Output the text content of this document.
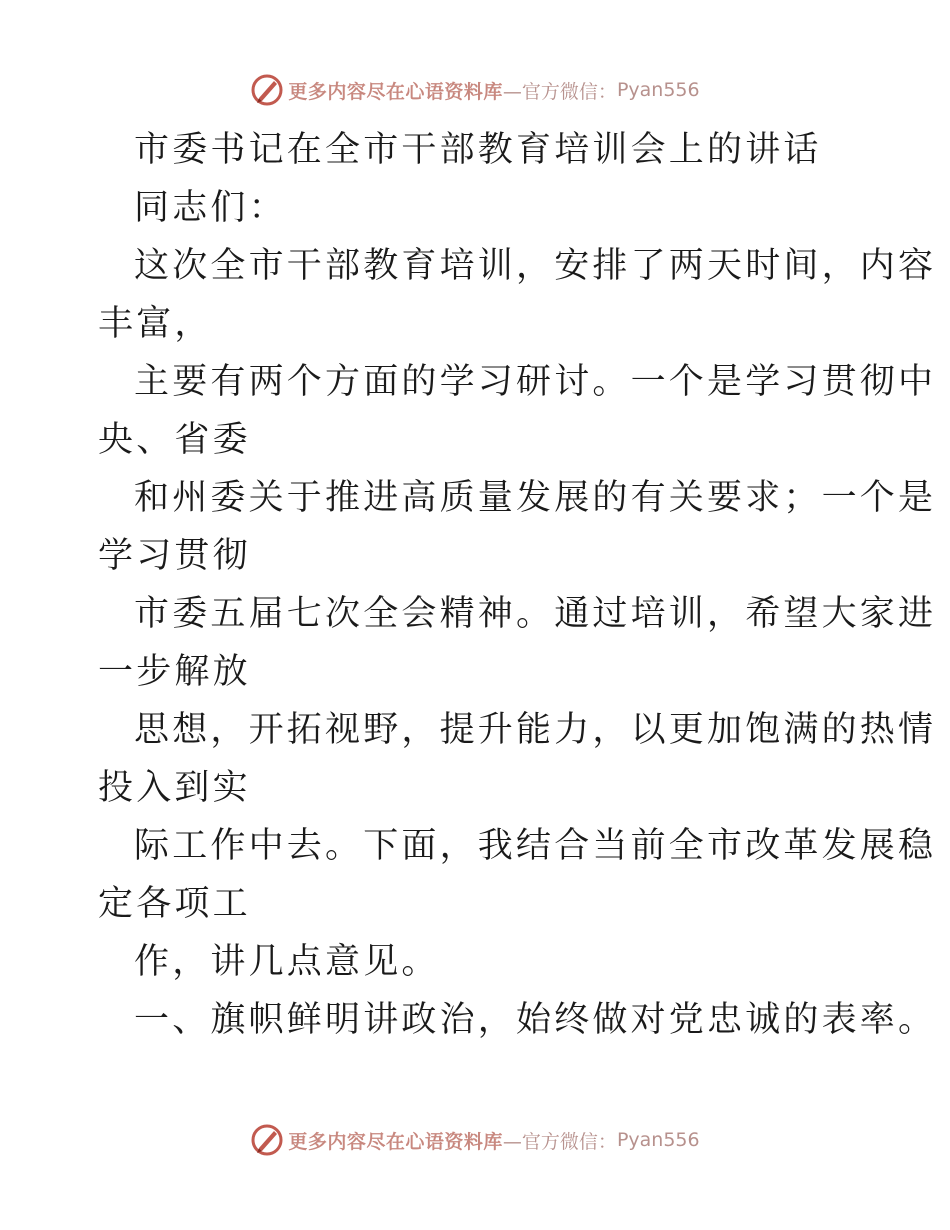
更多内容尽在心语资料库 —官方微信： Pyan556
市委书记在全市干部教育培训会上的讲话
同志们：
这次全市干部教育培训，安排了两天时间，内容
丰富，
主要有两个方面的学习研讨。一个是学习贯彻中
央、省委
和州委关于推进高质量发展的有关要求；一个是
学习贯彻
市委五届七次全会精神。通过培训，希望大家进
一步解放
思想，开拓视野，提升能力，以更加饱满的热情
投入到实
际工作中去。下面，我结合当前全市改革发展稳
定各项工
作，讲几点意见。
一、旗帜鲜明讲政治，始终做对党忠诚的表率。
更多内容尽在心语资料库 —官方微信： Pyan556
